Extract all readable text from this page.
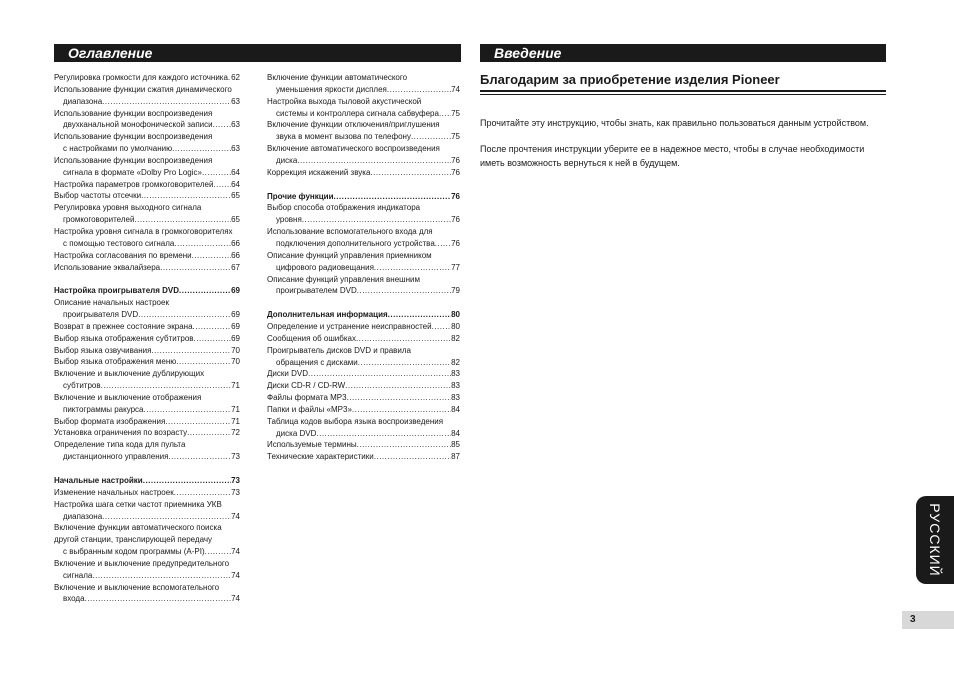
Оглавление	Введение
Регулировка громкости для каждого источника ..... 62
Использование функции сжатия динамического
диапазона .....	63
Использование функции воспроизведения
двухканальной монофонической записи ..... 63
Использование функции воспроизведения
с настройками по умолчанию .....	63
Использование функции воспроизведения
сигнала в формате «Dolby Pro Logic» .....	64
Настройка параметров громкоговорителей ..... 64
Выбор частоты отсечки .....	65
Регулировка уровня выходного сигнала
громкоговорителей .....	65
Настройка уровня сигнала в громкоговорителях
с помощью тестового сигнала .....	66
Настройка согласования по времени .....	66
Использование эквалайзера .....	67
Настройка проигрывателя DVD .....	69
Описание начальных настроек
проигрывателя DVD .....	69
Возврат в прежнее состояние экрана .....	69
Выбор языка отображения субтитров .....	69
Выбор языка озвучивания .....	70
Выбор языка отображения меню .....	70
Включение и выключение дублирующих
субтитров .....	71
Включение и выключение отображения
пиктограммы ракурса .....	71
Выбор формата изображения .....	71
Установка ограничения по возрасту .....	72
Определение типа кода для пульта
дистанционного управления .....	73
Начальные настройки .....	73
Изменение начальных настроек .....	73
Настройка шага сетки частот приемника УКВ
диапазона .....	74
Включение функции автоматического поиска
другой станции, транслирующей передачу
с выбранным кодом программы (A-PI) .....	74
Включение и выключение предупредительного
сигнала .....	74
Включение и выключение вспомогательного
входа .....	74
Включение функции автоматического
уменьшения яркости дисплея .....	74
Настройка выхода тыловой акустической
системы и контроллера сигнала сабвуфера ..... 75
Включение функции отключения/приглушения
звука в момент вызова по телефону .....	75
Включение автоматического воспроизведения
диска .....	76
Коррекция искажений звука .....	76
Прочие функции .....	76
Выбор способа отображения индикатора
уровня .....	76
Использование вспомогательного входа для
подключения дополнительного устройства ..... 76
Описание функций управления приемником
цифрового радиовещания .....	77
Описание функций управления внешним
проигрывателем DVD .....	79
Дополнительная информация .....	80
Определение и устранение неисправностей ..... 80
Сообщения об ошибках .....	82
Проигрыватель дисков DVD и правила
обращения с дисками .....	82
Диски DVD .....	83
Диски CD-R / CD-RW .....	83
Файлы формата MP3 .....	83
Папки и файлы «MP3» .....	84
Таблица кодов выбора языка воспроизведения
диска DVD .....	84
Используемые термины .....	85
Технические характеристики .....	87
Благодарим за приобретение изделия Pioneer
Прочитайте эту инструкцию, чтобы знать, как правильно пользоваться данным устройством.
После прочтения инструкции уберите ее в надежное место, чтобы в случае необходимости иметь возможность вернуться к ней в будущем.
РУССКИЙ
3
